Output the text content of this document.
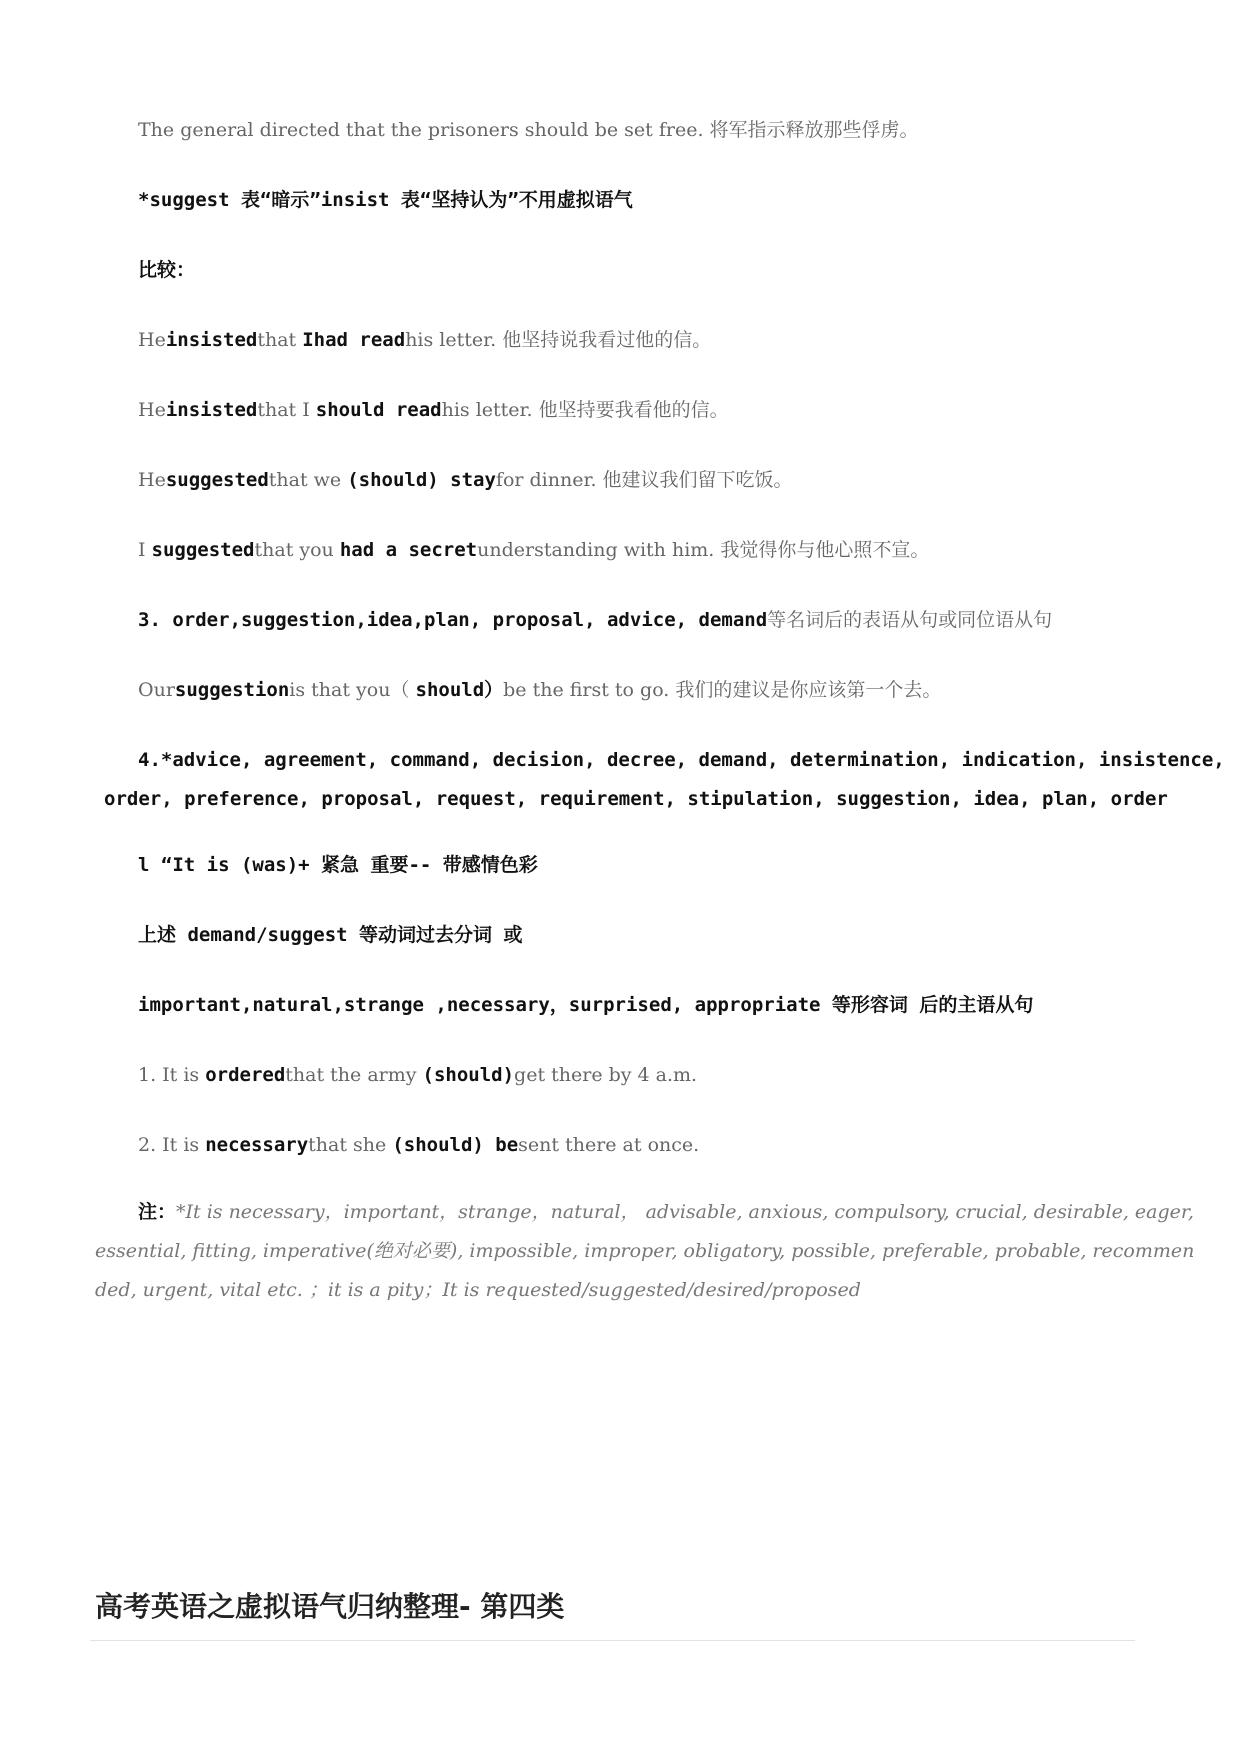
The general directed that the prisoners should be set free. 将军指示释放那些俘虏。
*suggest 表“暗示”insist 表“坚持认为”不用虚拟语气
比较：
Heinsistedthat Ihad readhis letter. 他坚持说我看过他的信。
Heinsistedthat I should readhis letter. 他坚持要我看他的信。
Hesuggestedthat we (should) stayfor dinner. 他建议我们留下吃饭。
I suggestedthat you had a secretunderstanding with him. 我觉得你与他心照不宣。
3. order,suggestion,idea,plan, proposal, advice, demand等名词后的表语从句或同位语从句
Oursuggestionis that you（ should）be the first to go. 我们的建议是你应该第一个去。
4.*advice, agreement, command, decision, decree, demand, determination, indication, insistence,
order, preference, proposal, request, requirement, stipulation, suggestion, idea, plan, order
l “It is (was)+ 紧急 重要-- 带感情色彩
上述 demand/suggest 等动词过去分词 或
important,natural,strange ,necessary，surprised, appropriate 等形容词 后的主语从句
1. It is orderedthat the army (should)get there by 4 a.m.
2. It is necessarythat she (should) besent there at once.
注：*It is necessary，important，strange，natural， advisable, anxious, compulsory, crucial, desirable, eager, essential, fitting, imperative(绝对必要), impossible, improper, obligatory, possible, preferable, probable, recommended, urgent, vital etc. ；it is a pity；It is requested/suggested/desired/proposed
高考英语之虚拟语气归纳整理- 第四类
